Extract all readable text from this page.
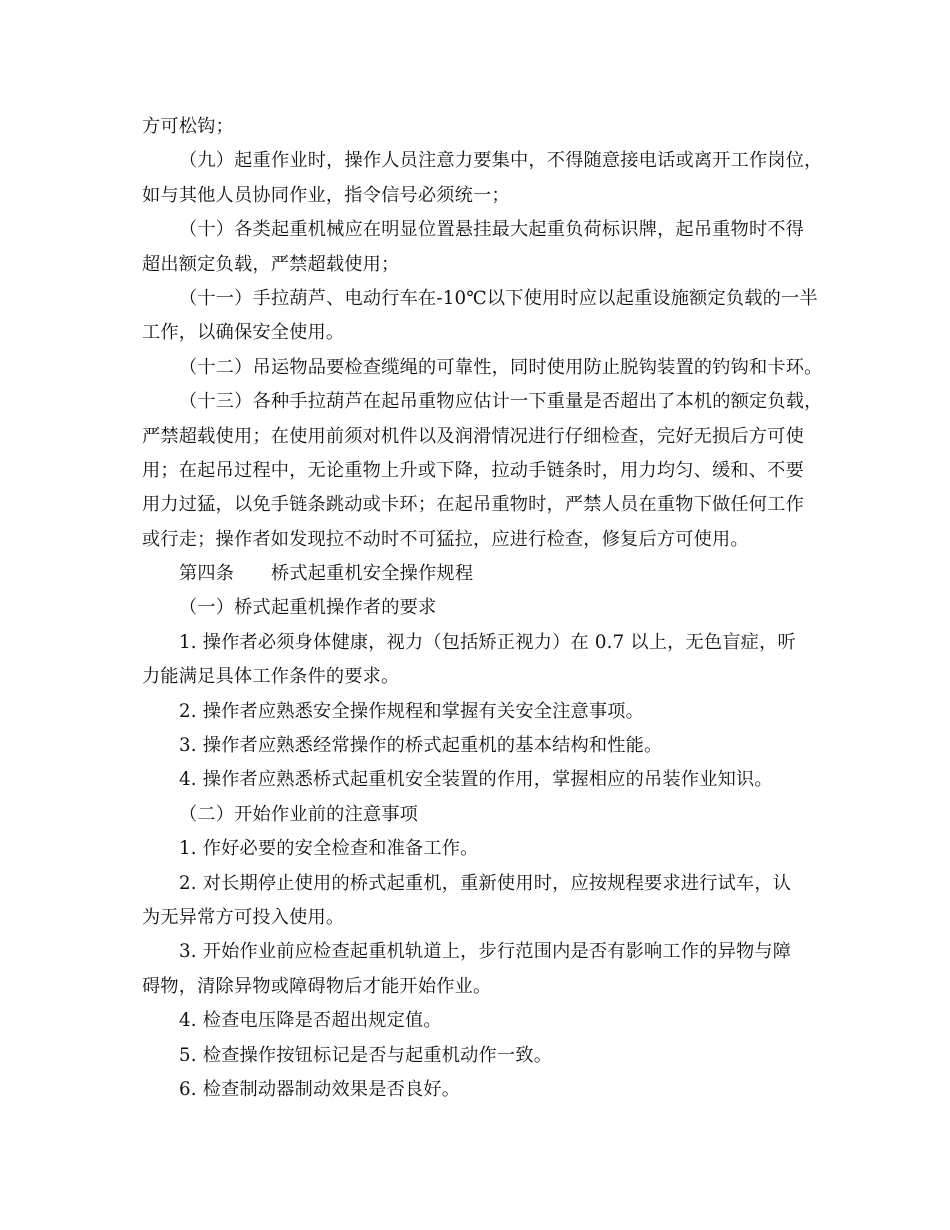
方可松钩；
（九）起重作业时，操作人员注意力要集中，不得随意接电话或离开工作岗位，
如与其他人员协同作业，指令信号必须统一；
（十）各类起重机械应在明显位置悬挂最大起重负荷标识牌，起吊重物时不得
超出额定负载，严禁超载使用；
（十一）手拉葫芦、电动行车在-10℃以下使用时应以起重设施额定负载的一半
工作，以确保安全使用。
（十二）吊运物品要检查缆绳的可靠性，同时使用防止脱钩装置的钓钩和卡环。
（十三）各种手拉葫芦在起吊重物应估计一下重量是否超出了本机的额定负载，
严禁超载使用；在使用前须对机件以及润滑情况进行仔细检查，完好无损后方可使
用；在起吊过程中，无论重物上升或下降，拉动手链条时，用力均匀、缓和、不要
用力过猛，以免手链条跳动或卡环；在起吊重物时，严禁人员在重物下做任何工作
或行走；操作者如发现拉不动时不可猛拉，应进行检查，修复后方可使用。
第四条　　桥式起重机安全操作规程
（一）桥式起重机操作者的要求
1. 操作者必须身体健康，视力（包括矫正视力）在 0.7 以上，无色盲症，听
力能满足具体工作条件的要求。
2. 操作者应熟悉安全操作规程和掌握有关安全注意事项。
3. 操作者应熟悉经常操作的桥式起重机的基本结构和性能。
4. 操作者应熟悉桥式起重机安全装置的作用，掌握相应的吊装作业知识。
（二）开始作业前的注意事项
1. 作好必要的安全检查和准备工作。
2. 对长期停止使用的桥式起重机，重新使用时，应按规程要求进行试车，认
为无异常方可投入使用。
3. 开始作业前应检查起重机轨道上，步行范围内是否有影响工作的异物与障
碍物，清除异物或障碍物后才能开始作业。
4. 检查电压降是否超出规定值。
5. 检查操作按钮标记是否与起重机动作一致。
6. 检查制动器制动效果是否良好。
